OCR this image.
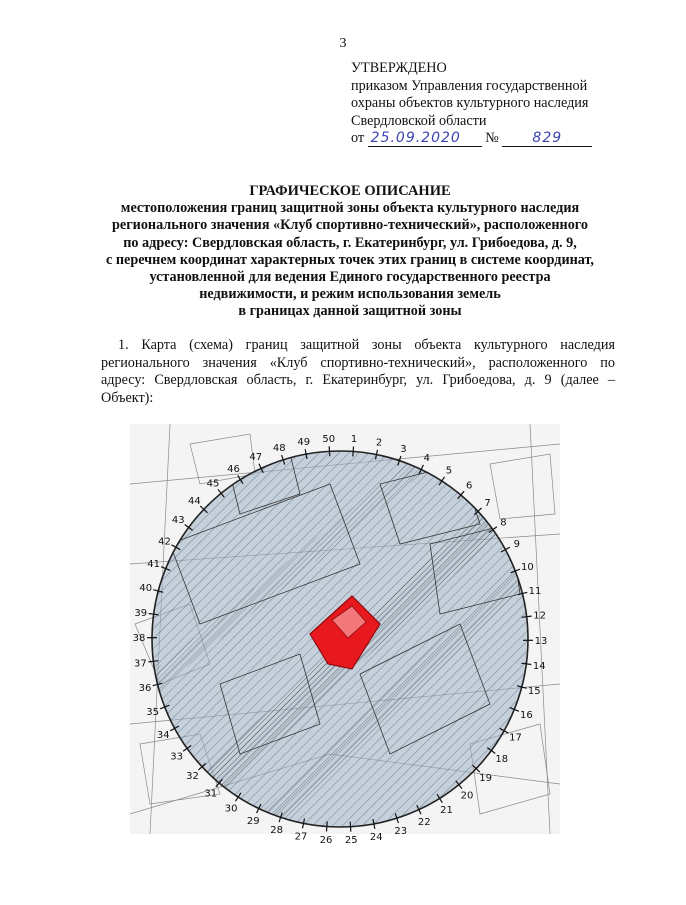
3
УТВЕРЖДЕНО
приказом Управления государственной
охраны объектов культурного наследия
Свердловской области
от 25.09.2020 № 829
ГРАФИЧЕСКОЕ ОПИСАНИЕ
местоположения границ защитной зоны объекта культурного наследия
регионального значения «Клуб спортивно-технический», расположенного
по адресу: Свердловская область, г. Екатеринбург, ул. Грибоедова, д. 9,
с перечнем координат характерных точек этих границ в системе координат,
установленной для ведения Единого государственного реестра
недвижимости, и режим использования земель
в границах данной защитной зоны
1. Карта (схема) границ защитной зоны объекта культурного наследия регионального значения «Клуб спортивно-технический», расположенного по адресу: Свердловская область, г. Екатеринбург, ул. Грибоедова, д. 9 (далее – Объект):
1 2
3
4
5
6
7
8
9
10
11
12
13
14
15
16
17
18
19
20
21
22
23
24
25
26
27
28
29
30
31
32
33
34
35
36
37
38
39
40
41
42
43
44
45
46
47
48
49 50
